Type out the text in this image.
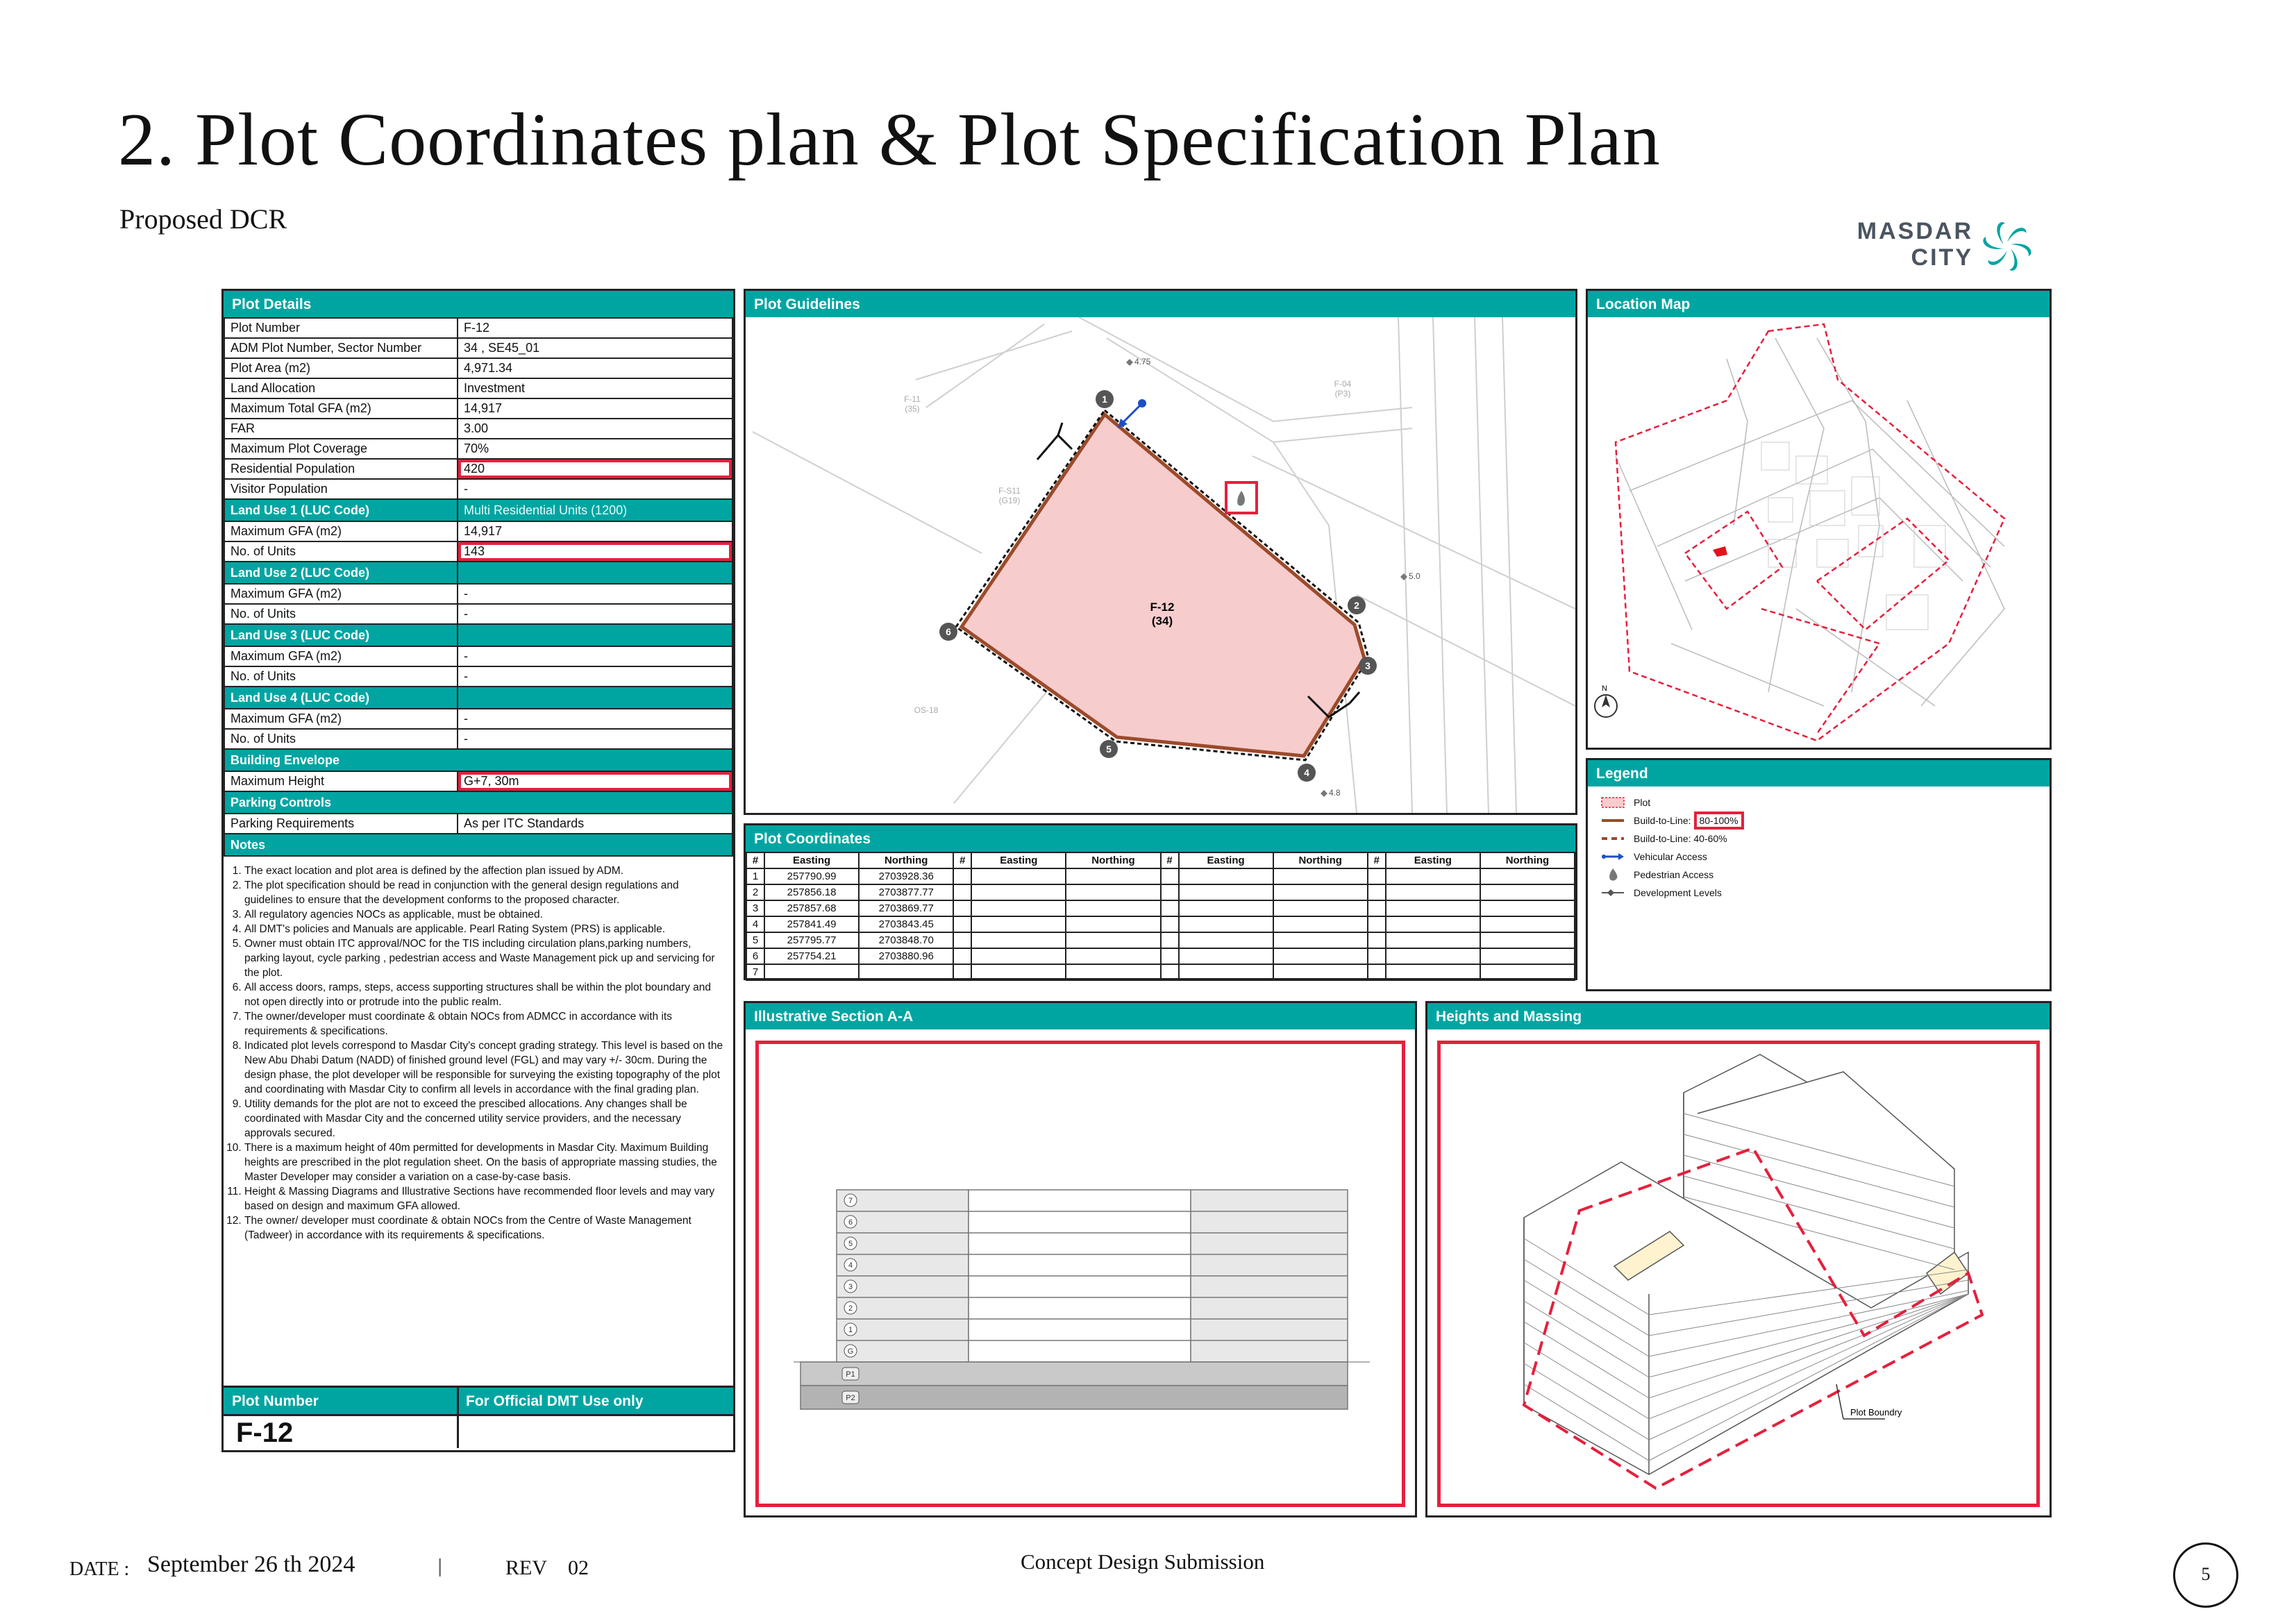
2. Plot Coordinates plan & Plot Specification Plan
Proposed DCR	MASDAR
CITY
Plot Details
Plot Number	F-12
ADM Plot Number, Sector Number	34 , SE45_01
Plot Area (m2)	4,971.34
Land Allocation	Investment
Maximum Total GFA (m2)	14,917
FAR	3.00
Maximum Plot Coverage	70%
Residential Population	420
Visitor Population	-
Land Use 1 (LUC Code)	Multi Residential Units (1200)
Maximum GFA (m2)	14,917
No. of Units	143
Land Use 2 (LUC Code)	
Maximum GFA (m2)	-
No. of Units	-
Land Use 3 (LUC Code)	
Maximum GFA (m2)	-
No. of Units	-
Land Use 4 (LUC Code)	
Maximum GFA (m2)	-
No. of Units	-
Building Envelope	
Maximum Height	G+7, 30m
Parking Controls	
Parking Requirements	As per ITC Standards
Notes	
1. The exact location and plot area is defined by the affection plan issued by ADM.
2. The plot specification should be read in conjunction with the general design regulations and guidelines to ensure that the development conforms to the proposed character.
3. All regulatory agencies NOCs as applicable, must be obtained.
4. All DMT's policies and Manuals are applicable. Pearl Rating System (PRS) is applicable.
5. Owner must obtain ITC approval/NOC for the TIS including circulation plans,parking numbers, parking layout, cycle parking , pedestrian access and Waste Management pick up and servicing for the plot.
6. All access doors, ramps, steps, access supporting structures shall be within the plot boundary and not open directly into or protrude into the public realm.
7. The owner/developer must coordinate & obtain NOCs from ADMCC in accordance with its requirements & specifications.
8. Indicated plot levels correspond to Masdar City's concept grading strategy. This level is based on the New Abu Dhabi Datum (NADD) of finished ground level (FGL) and may vary +/- 30cm. During the design phase, the plot developer will be responsible for surveying the existing topography of the plot and coordinating with Masdar City to confirm all levels in accordance with the final grading plan.
9. Utility demands for the plot are not to exceed the prescibed allocations. Any changes shall be coordinated with Masdar City and the concerned utility service providers, and the necessary approvals secured.
10. There is a maximum height of 40m permitted for developments in Masdar City. Maximum Building heights are prescribed in the plot regulation sheet. On the basis of appropriate massing studies, the Master Developer may consider a variation on a case-by-case basis.
11. Height & Massing Diagrams and Illustrative Sections have recommended floor levels and may vary based on design and maximum GFA allowed.
12. The owner/ developer must coordinate & obtain NOCs from the Centre of Waste Management (Tadweer) in accordance with its requirements & specifications.
Plot Number	For Official DMT Use only
F-12
Plot Guidelines
F-11
(35)
F-S11
(G19)
F-04
(P3)
OS-18
F-12
(34)
1
2
3
4
5
6
4.75
5.0
4.8
Location Map
N
Legend
Plot
Build-to-Line: 80-100%
Build-to-Line: 40-60%
Vehicular Access
Pedestrian Access
Development Levels
Plot Coordinates
#	Easting	Northing	#	Easting	Northing	#	Easting	Northing	#	Easting	Northing
1	257790.99	2703928.36									
2	257856.18	2703877.77									
3	257857.68	2703869.77									
4	257841.49	2703843.45									
5	257795.77	2703848.70									
6	257754.21	2703880.96									
7											
Illustrative Section A-A
7
6
5
4
3
2
1
G
P1
P2
Heights and Massing
Plot Boundry
DATE : September 26 th 2024	|	REV 02	Concept Design Submission
5
